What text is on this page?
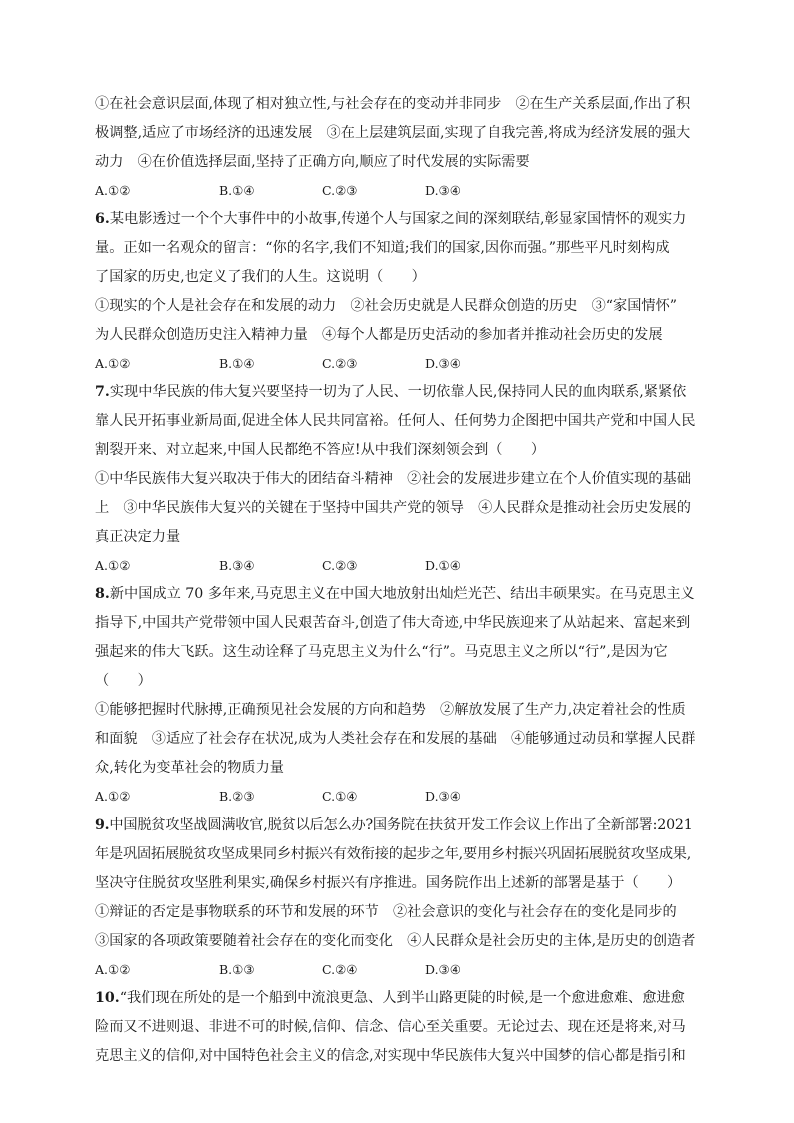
①在社会意识层面,体现了相对独立性,与社会存在的变动并非同步　②在生产关系层面,作出了积
极调整,适应了市场经济的迅速发展　③在上层建筑层面,实现了自我完善,将成为经济发展的强大
动力　④在价值选择层面,坚持了正确方向,顺应了时代发展的实际需要
A.①②	B.①④	C.②③	D.③④
6.某电影透过一个个大事件中的小故事,传递个人与国家之间的深刻联结,彰显家国情怀的观实力
量。正如一名观众的留言：“你的名字,我们不知道;我们的国家,因你而强。”那些平凡时刻构成
了国家的历史,也定义了我们的人生。这说明（　　）
①现实的个人是社会存在和发展的动力　②社会历史就是人民群众创造的历史　③“家国情怀”
为人民群众创造历史注入精神力量　④每个人都是历史活动的参加者并推动社会历史的发展
A.①②	B.①④	C.②③	D.③④
7.实现中华民族的伟大复兴要坚持一切为了人民、一切依靠人民,保持同人民的血肉联系,紧紧依
靠人民开拓事业新局面,促进全体人民共同富裕。任何人、任何势力企图把中国共产党和中国人民
割裂开来、对立起来,中国人民都绝不答应!从中我们深刻领会到（　　）
①中华民族伟大复兴取决于伟大的团结奋斗精神　②社会的发展进步建立在个人价值实现的基础
上　③中华民族伟大复兴的关键在于坚持中国共产党的领导　④人民群众是推动社会历史发展的
真正决定力量
A.①②	B.③④	C.②③	D.①④
8.新中国成立 70 多年来,马克思主义在中国大地放射出灿烂光芒、结出丰硕果实。在马克思主义
指导下,中国共产党带领中国人民艰苦奋斗,创造了伟大奇迹,中华民族迎来了从站起来、富起来到
强起来的伟大飞跃。这生动诠释了马克思主义为什么“行”。马克思主义之所以“行”,是因为它
（　　）
①能够把握时代脉搏,正确预见社会发展的方向和趋势　②解放发展了生产力,决定着社会的性质
和面貌　③适应了社会存在状况,成为人类社会存在和发展的基础　④能够通过动员和掌握人民群
众,转化为变革社会的物质力量
A.①②	B.②③	C.①④	D.③④
9.中国脱贫攻坚战圆满收官,脱贫以后怎么办?国务院在扶贫开发工作会议上作出了全新部署:2021
年是巩固拓展脱贫攻坚成果同乡村振兴有效衔接的起步之年,要用乡村振兴巩固拓展脱贫攻坚成果,
坚决守住脱贫攻坚胜利果实,确保乡村振兴有序推进。国务院作出上述新的部署是基于（　　）
①辩证的否定是事物联系的环节和发展的环节　②社会意识的变化与社会存在的变化是同步的
③国家的各项政策要随着社会存在的变化而变化　④人民群众是社会历史的主体,是历史的创造者
A.①②	B.①③	C.②④	D.③④
10.“我们现在所处的是一个船到中流浪更急、人到半山路更陡的时候,是一个愈进愈难、愈进愈
险而又不进则退、非进不可的时候,信仰、信念、信心至关重要。无论过去、现在还是将来,对马
克思主义的信仰,对中国特色社会主义的信念,对实现中华民族伟大复兴中国梦的信心都是指引和
